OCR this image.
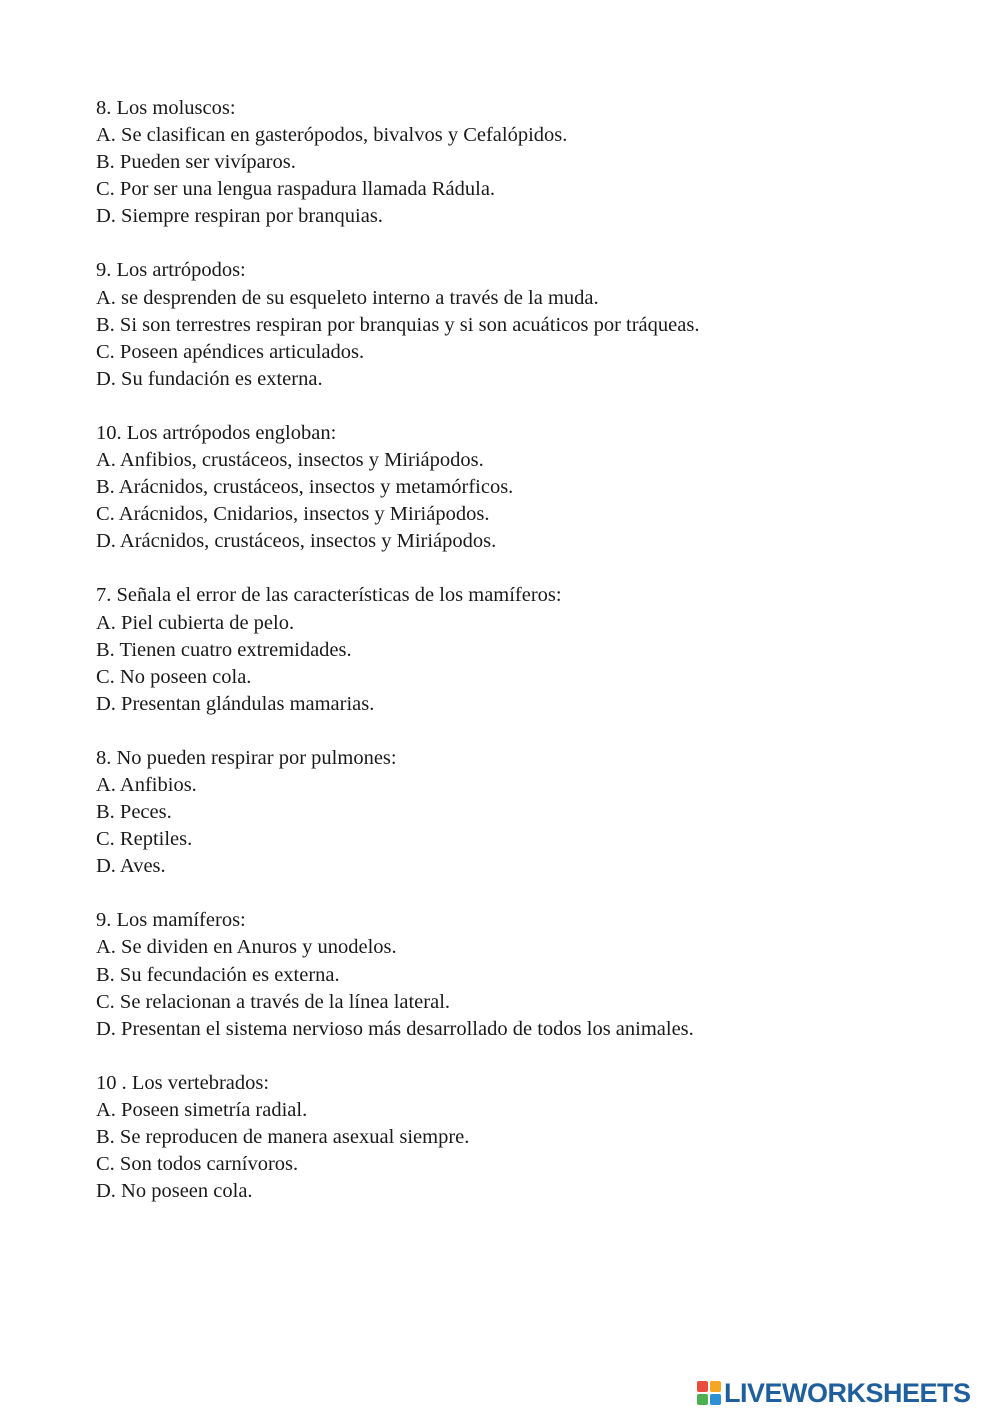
8. Los moluscos:
A. Se clasifican en gasterópodos, bivalvos y Cefalópidos.
B. Pueden ser vivíparos.
C. Por ser una lengua raspadura llamada Rádula.
D. Siempre respiran por branquias.
9. Los artrópodos:
A. se desprenden de su esqueleto interno a través de la muda.
B. Si son terrestres respiran por branquias y si son acuáticos por tráqueas.
C. Poseen apéndices articulados.
D. Su fundación es externa.
10. Los artrópodos engloban:
A. Anfibios, crustáceos, insectos y Miriápodos.
B. Arácnidos, crustáceos, insectos y metamórficos.
C. Arácnidos, Cnidarios, insectos y Miriápodos.
D. Arácnidos, crustáceos, insectos y Miriápodos.
7. Señala el error de las características de los mamíferos:
A. Piel cubierta de pelo.
B. Tienen cuatro extremidades.
C. No poseen cola.
D. Presentan glándulas mamarias.
8. No pueden respirar por pulmones:
A. Anfibios.
B. Peces.
C. Reptiles.
D. Aves.
9. Los mamíferos:
A. Se dividen en Anuros y unodelos.
B. Su fecundación es externa.
C. Se relacionan a través de la línea lateral.
D. Presentan el sistema nervioso más desarrollado de todos los animales.
10 . Los vertebrados:
A. Poseen simetría radial.
B. Se reproducen de manera asexual siempre.
C. Son todos carnívoros.
D. No poseen cola.
LIVEWORKSHEETS
